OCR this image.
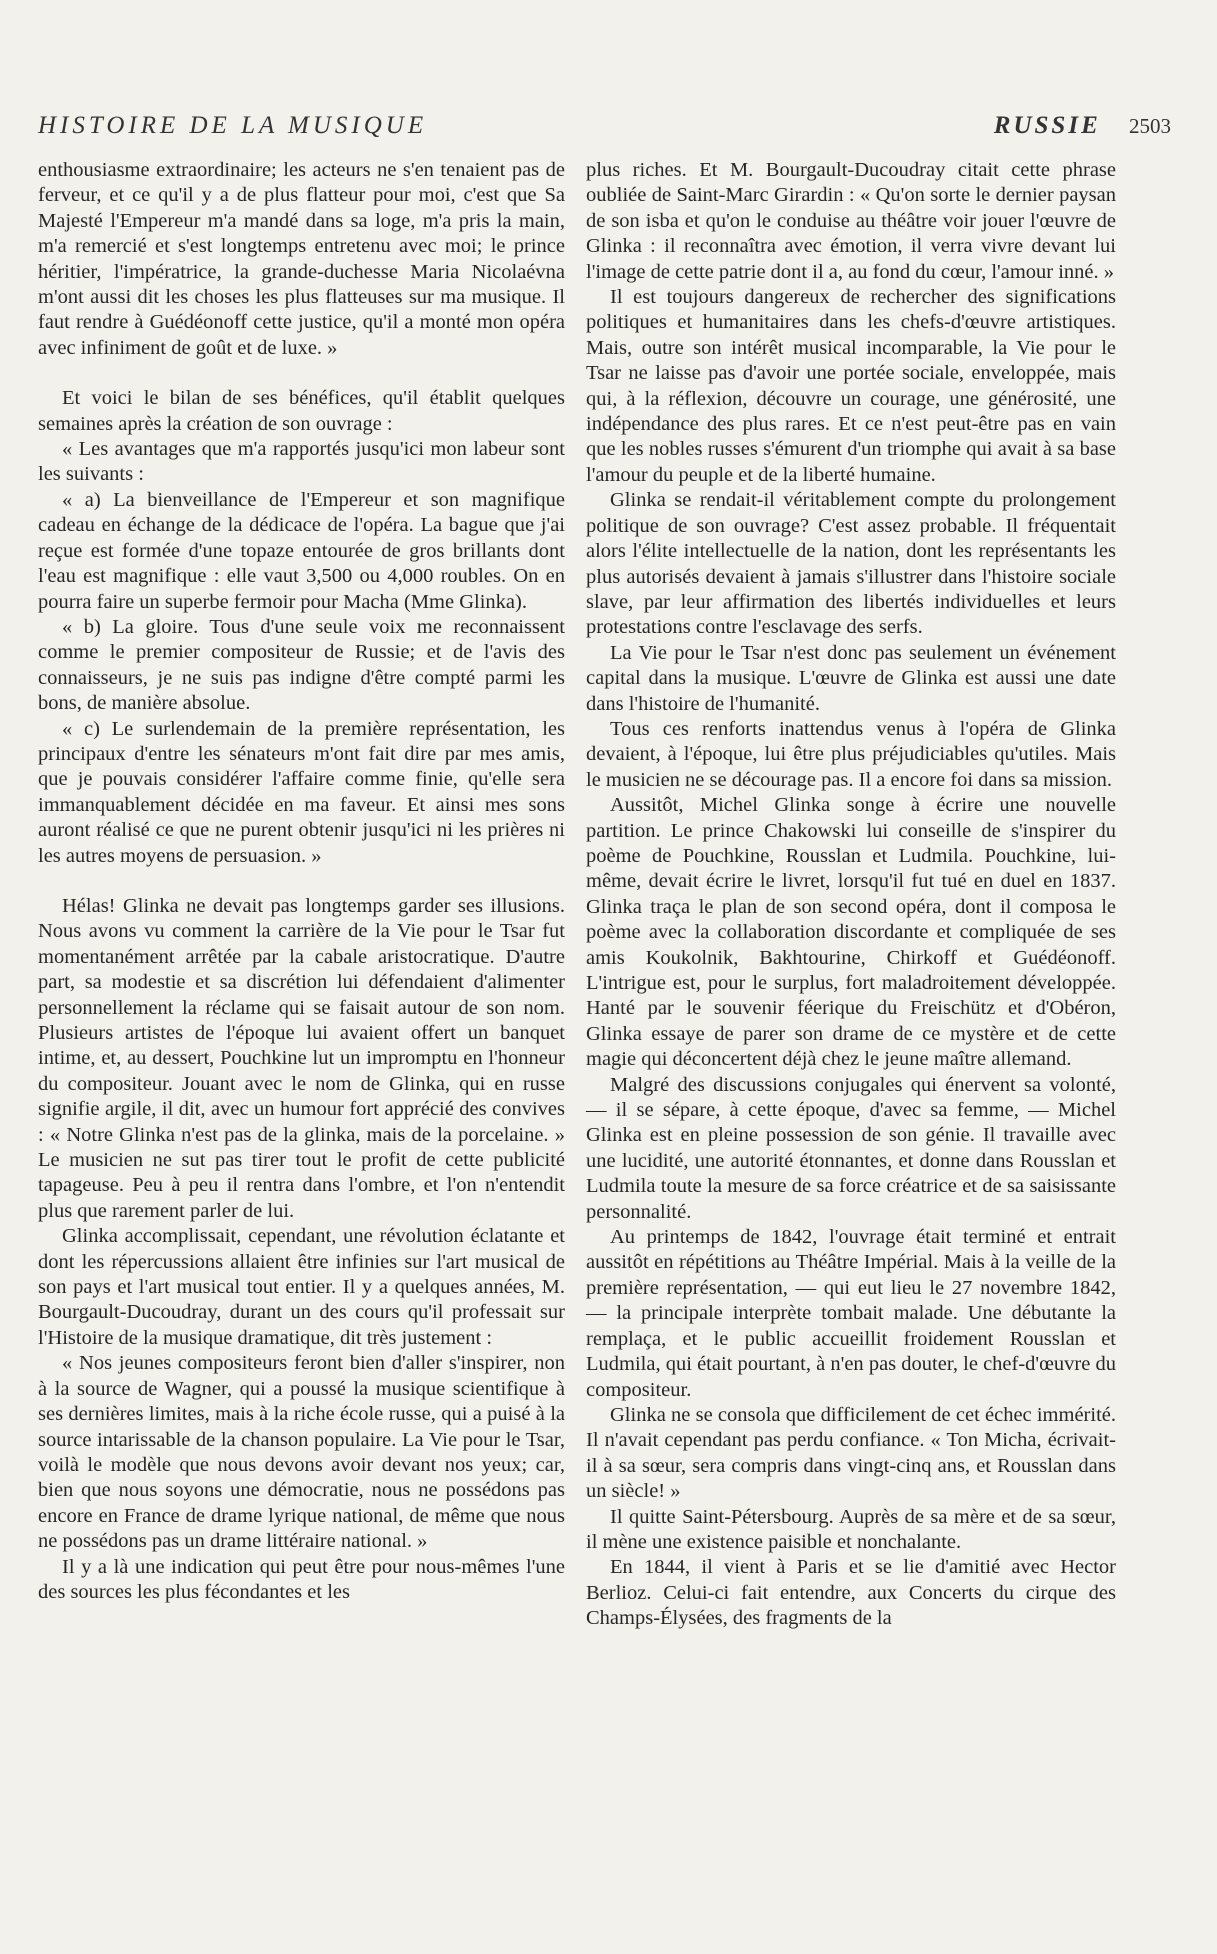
HISTOIRE DE LA MUSIQUE	RUSSIE 2503

enthousiasme extraordinaire; les acteurs ne s'en tenaient pas de ferveur, et ce qu'il y a de plus flatteur pour moi, c'est que Sa Majesté l'Empereur m'a mandé dans sa loge, m'a pris la main, m'a remercié et s'est longtemps entretenu avec moi; le prince héritier, l'impératrice, la grande-duchesse Maria Nicolaévna m'ont aussi dit les choses les plus flatteuses sur ma musique. Il faut rendre à Guédéonoff cette justice, qu'il a monté mon opéra avec infiniment de goût et de luxe. »

Et voici le bilan de ses bénéfices, qu'il établit quelques semaines après la création de son ouvrage :

« Les avantages que m'a rapportés jusqu'ici mon labeur sont les suivants :

« a) La bienveillance de l'Empereur et son magnifique cadeau en échange de la dédicace de l'opéra. La bague que j'ai reçue est formée d'une topaze entourée de gros brillants dont l'eau est magnifique : elle vaut 3,500 ou 4,000 roubles. On en pourra faire un superbe fermoir pour Macha (Mme Glinka).

« b) La gloire. Tous d'une seule voix me reconnaissent comme le premier compositeur de Russie; et de l'avis des connaisseurs, je ne suis pas indigne d'être compté parmi les bons, de manière absolue.

« c) Le surlendemain de la première représentation, les principaux d'entre les sénateurs m'ont fait dire par mes amis, que je pouvais considérer l'affaire comme finie, qu'elle sera immanquablement décidée en ma faveur. Et ainsi mes sons auront réalisé ce que ne purent obtenir jusqu'ici ni les prières ni les autres moyens de persuasion. »

Hélas! Glinka ne devait pas longtemps garder ses illusions. Nous avons vu comment la carrière de la Vie pour le Tsar fut momentanément arrêtée par la cabale aristocratique. D'autre part, sa modestie et sa discrétion lui défendaient d'alimenter personnellement la réclame qui se faisait autour de son nom. Plusieurs artistes de l'époque lui avaient offert un banquet intime, et, au dessert, Pouchkine lut un impromptu en l'honneur du compositeur. Jouant avec le nom de Glinka, qui en russe signifie argile, il dit, avec un humour fort apprécié des convives : « Notre Glinka n'est pas de la glinka, mais de la porcelaine. » Le musicien ne sut pas tirer tout le profit de cette publicité tapageuse. Peu à peu il rentra dans l'ombre, et l'on n'entendit plus que rarement parler de lui.

Glinka accomplissait, cependant, une révolution éclatante et dont les répercussions allaient être infinies sur l'art musical de son pays et l'art musical tout entier. Il y a quelques années, M. Bourgault-Ducoudray, durant un des cours qu'il professait sur l'Histoire de la musique dramatique, dit très justement :

« Nos jeunes compositeurs feront bien d'aller s'inspirer, non à la source de Wagner, qui a poussé la musique scientifique à ses dernières limites, mais à la riche école russe, qui a puisé à la source intarissable de la chanson populaire. La Vie pour le Tsar, voilà le modèle que nous devons avoir devant nos yeux; car, bien que nous soyons une démocratie, nous ne possédons pas encore en France de drame lyrique national, de même que nous ne possédons pas un drame littéraire national. »

Il y a là une indication qui peut être pour nous-mêmes l'une des sources les plus fécondantes et les

plus riches. Et M. Bourgault-Ducoudray citait cette phrase oubliée de Saint-Marc Girardin : « Qu'on sorte le dernier paysan de son isba et qu'on le conduise au théâtre voir jouer l'œuvre de Glinka : il reconnaîtra avec émotion, il verra vivre devant lui l'image de cette patrie dont il a, au fond du cœur, l'amour inné. »

Il est toujours dangereux de rechercher des significations politiques et humanitaires dans les chefs-d'œuvre artistiques. Mais, outre son intérêt musical incomparable, la Vie pour le Tsar ne laisse pas d'avoir une portée sociale, enveloppée, mais qui, à la réflexion, découvre un courage, une générosité, une indépendance des plus rares. Et ce n'est peut-être pas en vain que les nobles russes s'émurent d'un triomphe qui avait à sa base l'amour du peuple et de la liberté humaine.

Glinka se rendait-il véritablement compte du prolongement politique de son ouvrage? C'est assez probable. Il fréquentait alors l'élite intellectuelle de la nation, dont les représentants les plus autorisés devaient à jamais s'illustrer dans l'histoire sociale slave, par leur affirmation des libertés individuelles et leurs protestations contre l'esclavage des serfs.

La Vie pour le Tsar n'est donc pas seulement un événement capital dans la musique. L'œuvre de Glinka est aussi une date dans l'histoire de l'humanité.

Tous ces renforts inattendus venus à l'opéra de Glinka devaient, à l'époque, lui être plus préjudiciables qu'utiles. Mais le musicien ne se décourage pas. Il a encore foi dans sa mission.

Aussitôt, Michel Glinka songe à écrire une nouvelle partition. Le prince Chakowski lui conseille de s'inspirer du poème de Pouchkine, Rousslan et Ludmila. Pouchkine, lui-même, devait écrire le livret, lorsqu'il fut tué en duel en 1837. Glinka traça le plan de son second opéra, dont il composa le poème avec la collaboration discordante et compliquée de ses amis Koukolnik, Bakhtourine, Chirkoff et Guédéonoff. L'intrigue est, pour le surplus, fort maladroitement développée. Hanté par le souvenir féerique du Freischütz et d'Obéron, Glinka essaye de parer son drame de ce mystère et de cette magie qui déconcertent déjà chez le jeune maître allemand.

Malgré des discussions conjugales qui énervent sa volonté, — il se sépare, à cette époque, d'avec sa femme, — Michel Glinka est en pleine possession de son génie. Il travaille avec une lucidité, une autorité étonnantes, et donne dans Rousslan et Ludmila toute la mesure de sa force créatrice et de sa saisissante personnalité.

Au printemps de 1842, l'ouvrage était terminé et entrait aussitôt en répétitions au Théâtre Impérial. Mais à la veille de la première représentation, — qui eut lieu le 27 novembre 1842, — la principale interprète tombait malade. Une débutante la remplaça, et le public accueillit froidement Rousslan et Ludmila, qui était pourtant, à n'en pas douter, le chef-d'œuvre du compositeur.

Glinka ne se consola que difficilement de cet échec immérité. Il n'avait cependant pas perdu confiance. « Ton Micha, écrivait-il à sa sœur, sera compris dans vingt-cinq ans, et Rousslan dans un siècle! »

Il quitte Saint-Pétersbourg. Auprès de sa mère et de sa sœur, il mène une existence paisible et nonchalante.

En 1844, il vient à Paris et se lie d'amitié avec Hector Berlioz. Celui-ci fait entendre, aux Concerts du cirque des Champs-Élysées, des fragments de la
